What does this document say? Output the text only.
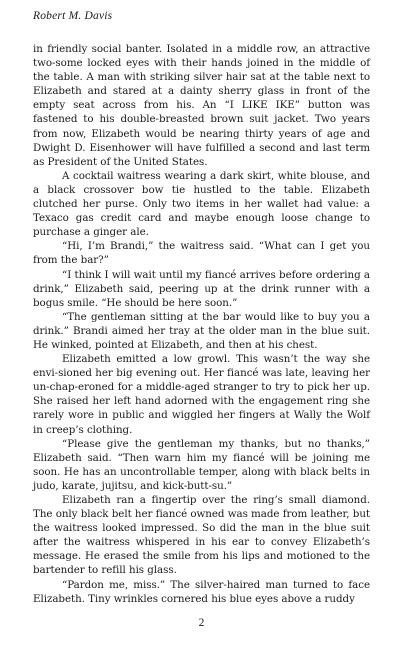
Robert M. Davis

in friendly social banter. Isolated in a middle row, an attractive two-some locked eyes with their hands joined in the middle of the table. A man with striking silver hair sat at the table next to Elizabeth and stared at a dainty sherry glass in front of the empty seat across from his. An “I LIKE IKE” button was fastened to his double-breasted brown suit jacket. Two years from now, Elizabeth would be nearing thirty years of age and Dwight D. Eisenhower will have fulfilled a second and last term as President of the United States.

A cocktail waitress wearing a dark skirt, white blouse, and a black crossover bow tie hustled to the table. Elizabeth clutched her purse. Only two items in her wallet had value: a Texaco gas credit card and maybe enough loose change to purchase a ginger ale.

“Hi, I’m Brandi,” the waitress said. “What can I get you from the bar?”

“I think I will wait until my fiancé arrives before ordering a drink,” Elizabeth said, peering up at the drink runner with a bogus smile. “He should be here soon.”

“The gentleman sitting at the bar would like to buy you a drink.” Brandi aimed her tray at the older man in the blue suit. He winked, pointed at Elizabeth, and then at his chest.

Elizabeth emitted a low growl. This wasn’t the way she envi-sioned her big evening out. Her fiancé was late, leaving her un-chap-eroned for a middle-aged stranger to try to pick her up. She raised her left hand adorned with the engagement ring she rarely wore in public and wiggled her fingers at Wally the Wolf in creep’s clothing.

“Please give the gentleman my thanks, but no thanks,” Elizabeth said. “Then warn him my fiancé will be joining me soon. He has an uncontrollable temper, along with black belts in judo, karate, jujitsu, and kick-butt-su.”

Elizabeth ran a fingertip over the ring’s small diamond. The only black belt her fiancé owned was made from leather, but the waitress looked impressed. So did the man in the blue suit after the waitress whispered in his ear to convey Elizabeth’s message. He erased the smile from his lips and motioned to the bartender to refill his glass.

“Pardon me, miss.” The silver-haired man turned to face Elizabeth. Tiny wrinkles cornered his blue eyes above a ruddy

2
